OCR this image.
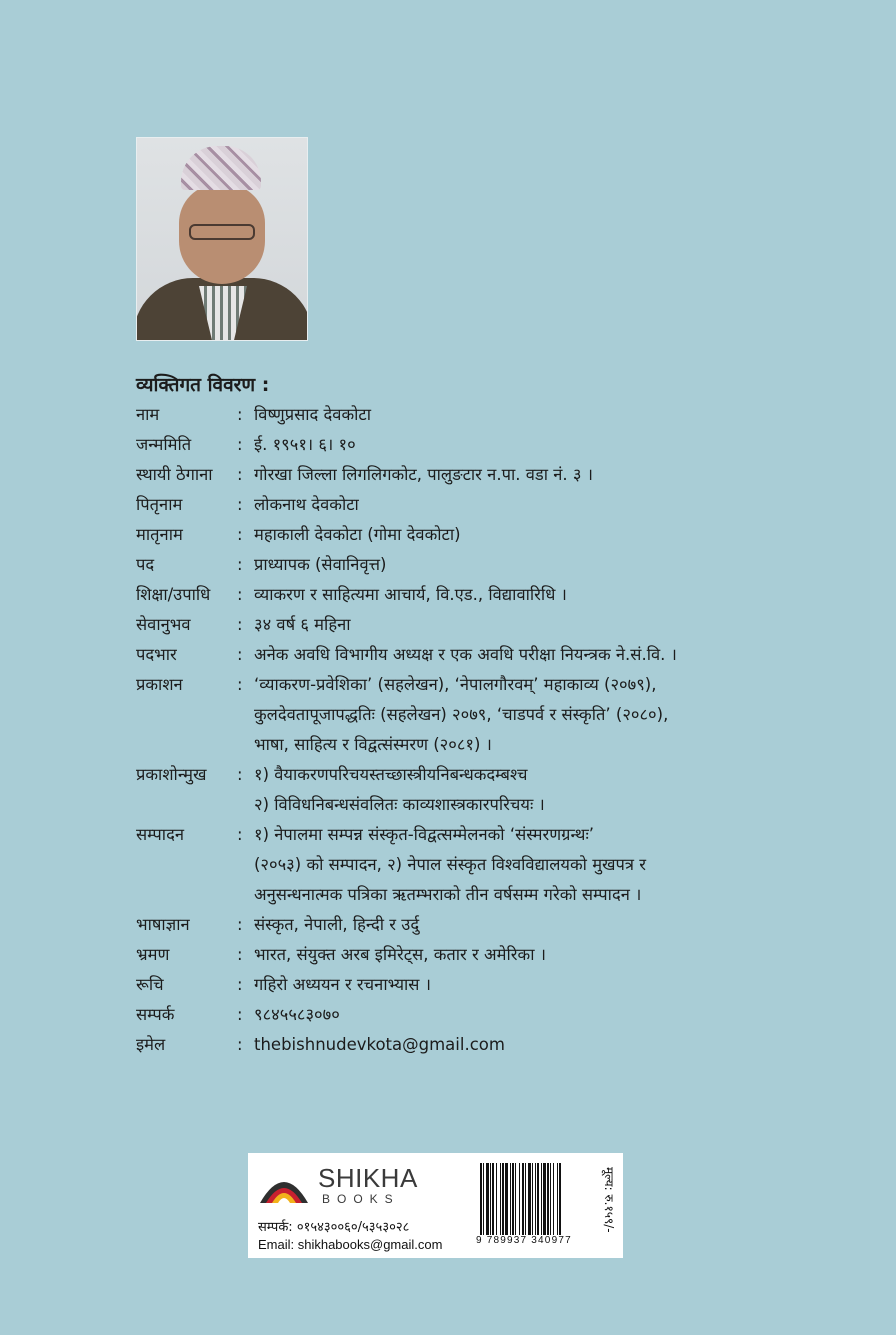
व्यक्तिगत विवरण :
नाम	: विष्णुप्रसाद देवकोटा
जन्ममिति	: ई. १९५१। ६। १०
स्थायी ठेगाना : गोरखा जिल्ला लिगलिगकोट, पालुङटार न.पा. वडा नं. ३ ।
पितृनाम	: लोकनाथ देवकोटा
मातृनाम	: महाकाली देवकोटा (गोमा देवकोटा)
पद	: प्राध्यापक (सेवानिवृत्त)
शिक्षा/उपाधि : व्याकरण र साहित्यमा आचार्य, वि.एड., विद्यावारिधि ।
सेवानुभव	: ३४ वर्ष ६ महिना
पदभार	: अनेक अवधि विभागीय अध्यक्ष र एक अवधि परीक्षा नियन्त्रक ने.सं.वि. ।
प्रकाशन	: ‘व्याकरण-प्रवेशिका’ (सहलेखन), ‘नेपालगौरवम्’ महाकाव्य (२०७९),
कुलदेवतापूजापद्धतिः (सहलेखन) २०७९, ‘चाडपर्व र संस्कृति’ (२०८०),
भाषा, साहित्य र विद्वत्संस्मरण (२०८१) ।
प्रकाशोन्मुख : १) वैयाकरणपरिचयस्तच्छास्त्रीयनिबन्धकदम्बश्च
२) विविधनिबन्धसंवलितः काव्यशास्त्रकारपरिचयः ।
सम्पादन	: १) नेपालमा सम्पन्न संस्कृत-विद्वत्सम्मेलनको ‘संस्मरणग्रन्थः’
(२०५३) को सम्पादन, २) नेपाल संस्कृत विश्वविद्यालयको मुखपत्र र
अनुसन्धनात्मक पत्रिका ऋतम्भराको तीन वर्षसम्म गरेको सम्पादन ।
भाषाज्ञान	: संस्कृत, नेपाली, हिन्दी र उर्दु
भ्रमण	: भारत, संयुक्त अरब इमिरेट्स, कतार र अमेरिका ।
रूचि	: गहिरो अध्ययन र रचनाभ्यास ।
सम्पर्क	: ९८४५५८३०७०
इमेल	: thebishnudevkota@gmail.com
SHIKHA
BOOKS
सम्पर्क: ०१५४३००६०/५३५३०२८
Email: shikhabooks@gmail.com	9 789937 340977
मूल्य: रु.१५९/-
